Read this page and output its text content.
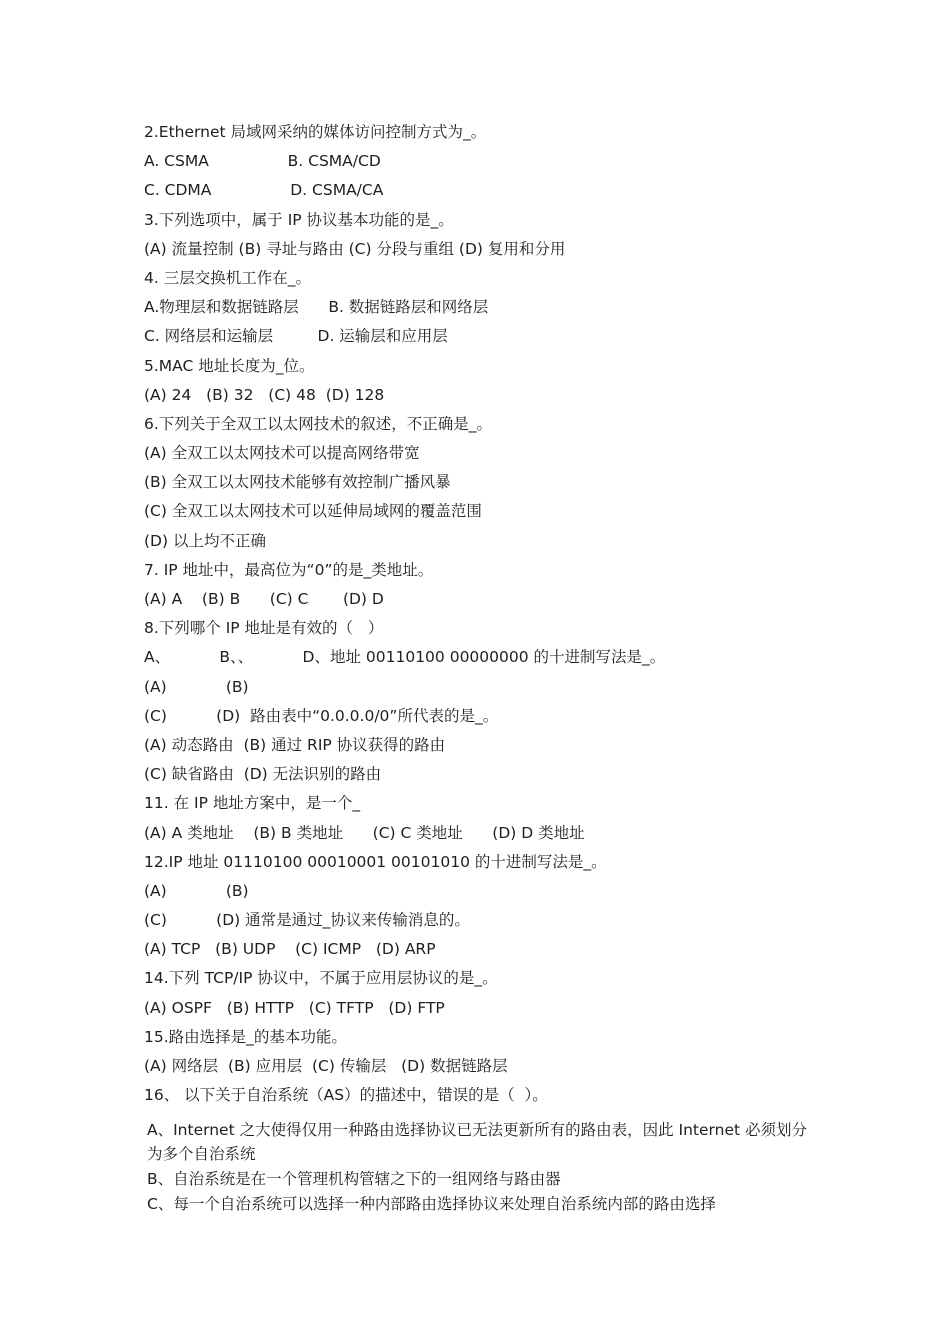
2.Ethernet 局域网采纳的媒体访问控制方式为_。
A. CSMA                B. CSMA/CD
C. CDMA                D. CSMA/CA
3.下列选项中，属于 IP 协议基本功能的是_。
(A) 流量控制 (B) 寻址与路由 (C) 分段与重组 (D) 复用和分用
4. 三层交换机工作在_。
A.物理层和数据链路层      B. 数据链路层和网络层
C. 网络层和运输层         D. 运输层和应用层
5.MAC 地址长度为_位。
(A) 24   (B) 32   (C) 48  (D) 128
6.下列关于全双工以太网技术的叙述，不正确是_。
(A) 全双工以太网技术可以提高网络带宽
(B) 全双工以太网技术能够有效控制广播风暴
(C) 全双工以太网技术可以延伸局域网的覆盖范围
(D) 以上均不正确
7. IP 地址中，最高位为“0”的是_类地址。
(A) A    (B) B      (C) C       (D) D
8.下列哪个 IP 地址是有效的（   ）
A、          B、、          D、地址 00110100 00000000 的十进制写法是_。
(A)            (B)
(C)          (D)  路由表中“0.0.0.0/0”所代表的是_。
(A) 动态路由  (B) 通过 RIP 协议获得的路由
(C) 缺省路由  (D) 无法识别的路由
11. 在 IP 地址方案中，是一个_
(A) A 类地址    (B) B 类地址      (C) C 类地址      (D) D 类地址
12.IP 地址 01110100 00010001 00101010 的十进制写法是_。
(A)            (B)
(C)          (D) 通常是通过_协议来传输消息的。
(A) TCP   (B) UDP    (C) ICMP   (D) ARP
14.下列 TCP/IP 协议中，不属于应用层协议的是_。
(A) OSPF   (B) HTTP   (C) TFTP   (D) FTP
15.路由选择是_的基本功能。
(A) 网络层  (B) 应用层  (C) 传输层   (D) 数据链路层
16、 以下关于自治系统（AS）的描述中，错误的是（  ）。
A、Internet 之大使得仅用一种路由选择协议已无法更新所有的路由表，因此 Internet 必须划分为多个自治系统
B、自治系统是在一个管理机构管辖之下的一组网络与路由器
C、每一个自治系统可以选择一种内部路由选择协议来处理自治系统内部的路由选择
